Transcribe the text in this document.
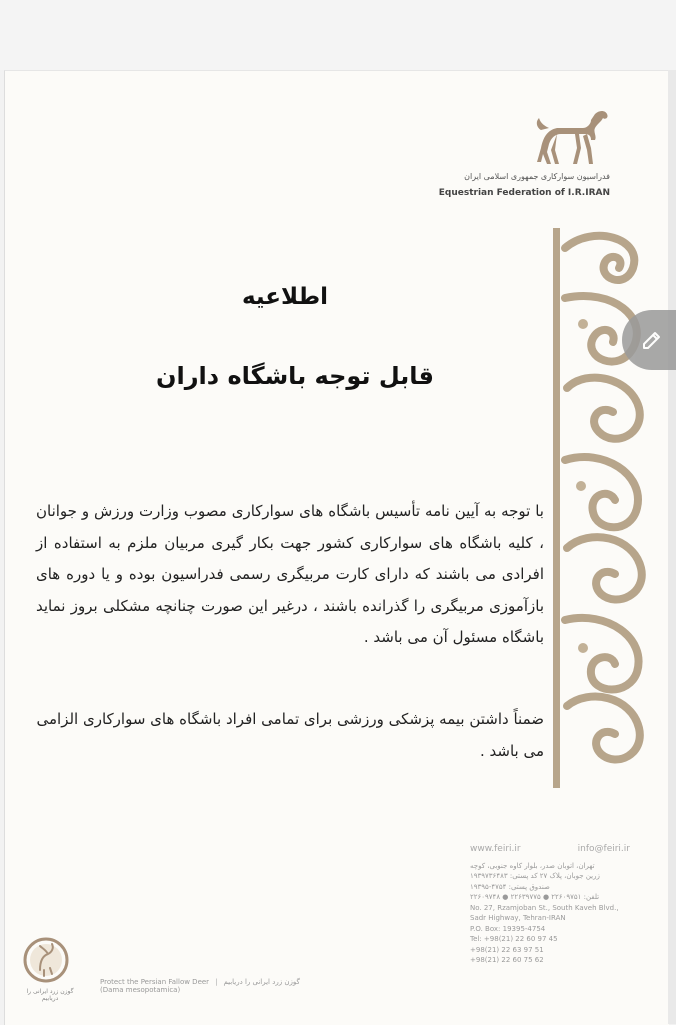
فدراسیون سوارکاری جمهوری اسلامی ایران
Equestrian Federation of I.R.IRAN
اطلاعیه
قابل توجه باشگاه داران

با توجه به آیین نامه تأسیس باشگاه های سوارکاری مصوب وزارت ورزش و جوانان ، کلیه باشگاه های سوارکاری کشور جهت بکار گیری مربیان ملزم به استفاده از افرادی می باشند که دارای کارت مربیگری رسمی فدراسیون بوده و یا دوره های بازآموزی مربیگری را گذرانده باشند ، درغیر این صورت چنانچه مشکلی بروز نماید باشگاه مسئول آن می باشد .

ضمناً داشتن بیمه پزشکی ورزشی برای تمامی افراد باشگاه های سوارکاری الزامی می باشد .

www.feiri.ir	info@feiri.ir
تهران، اتوبان صدر، بلوار کاوه جنوبی، کوچه
زرین جوبان، پلاک ۲۷ کد پستی: ۱۹۳۹۷۳۶۴۸۳
صندوق پستی: ۴۷۵۴-۱۹۳۹۵
تلفن: ۲۲۶۰۹۷۵۱ ● ۲۲۶۳۹۷۷۵ ● ۲۲۶۰۹۷۴۸
No. 27, Rzamjoban St., South Kaveh Blvd.,
Sadr Highway, Tehran-IRAN
P.O. Box: 19395-4754
Tel: +98(21) 22 60 97 45
+98(21) 22 63 97 51
+98(21) 22 60 75 62
گوزن زرد ایرانی را دریابیم
Protect the Persian Fallow Deer | گوزن زرد ایرانی را دریابیم
(Dama mesopotamica)
